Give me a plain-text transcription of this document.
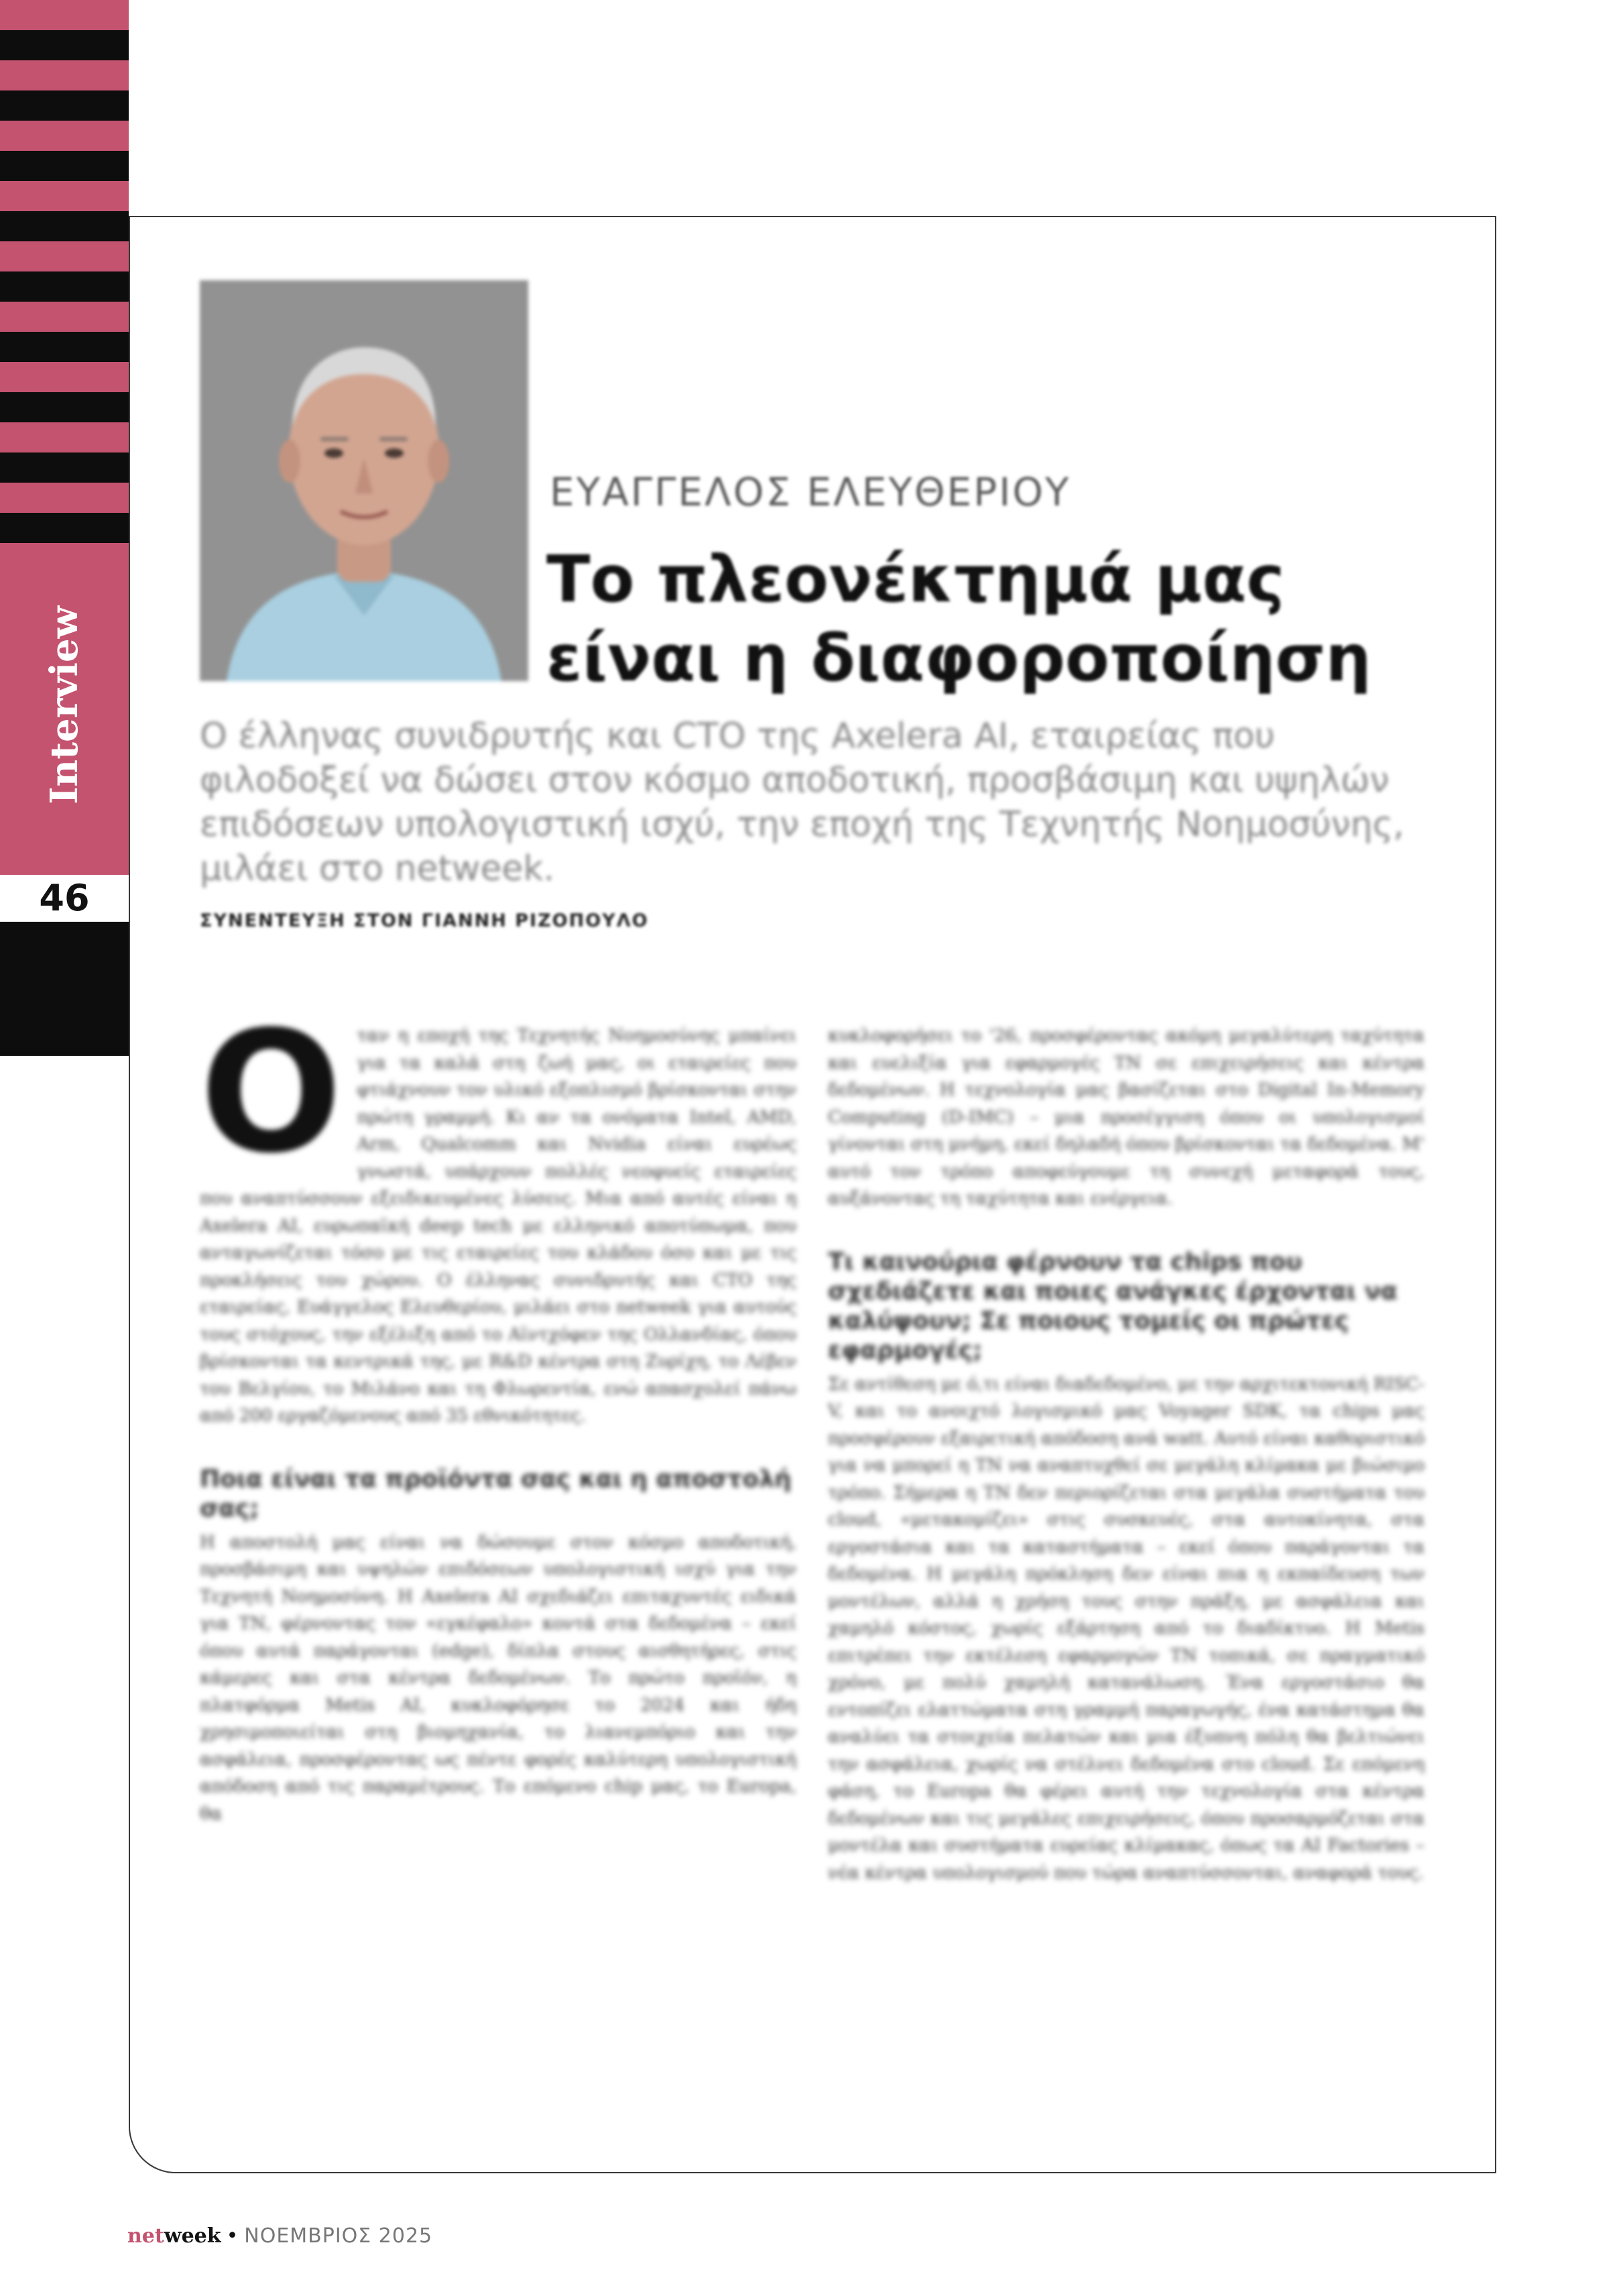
Interview
46
ΕΥΑΓΓΕΛΟΣ ΕΛΕΥΘΕΡΙΟΥ
Το πλεονέκτημά μας
είναι η διαφοροποίηση
Ο έλληνας συνιδρυτής και CTO της Axelera AI, εταιρείας που φιλοδοξεί να δώσει στον κόσμο αποδοτική, προσβάσιμη και υψηλών επιδόσεων υπολογιστική ισχύ, την εποχή της Τεχνητής Νοημοσύνης, μιλάει στο netweek.
ΣΥΝΕΝΤΕΥΞΗ ΣΤΟΝ ΓΙΑΝΝΗ ΡΙΖΟΠΟΥΛΟ
Ο ταν η εποχή της Τεχνητής Νοημοσύνης μπαίνει για τα καλά στη ζωή μας, οι εταιρείες που φτιάχνουν τον υλικό εξοπλισμό βρίσκονται στην πρώτη γραμμή. Κι αν τα ονόματα Intel, AMD, Arm, Qualcomm και Nvidia είναι ευρέως γνωστά, υπάρχουν πολλές νεοφυείς εταιρείες που αναπτύσσουν εξειδικευμένες λύσεις. Μια από αυτές είναι η Axelera AI, ευρωπαϊκή deep tech με ελληνικό αποτύπωμα, που ανταγωνίζεται τόσο με τις εταιρείες του κλάδου όσο και με τις προκλήσεις του χώρου. Ο έλληνας συνιδρυτής και CTO της εταιρείας, Ευάγγελος Ελευθερίου, μιλάει στο netweek για αυτούς τους στόχους, την εξέλιξη από το Αϊντχόφεν της Ολλανδίας, όπου βρίσκονται τα κεντρικά της, με R&D κέντρα στη Ζυρίχη, το Λέβεν του Βελγίου, το Μιλάνο και τη Φλωρεντία, ενώ απασχολεί πάνω από 200 εργαζόμενους από 35 εθνικότητες.

Ποια είναι τα προϊόντα σας και η αποστολή σας;

Η αποστολή μας είναι να δώσουμε στον κόσμο αποδοτική, προσβάσιμη και υψηλών επιδόσεων υπολογιστική ισχύ για την Τεχνητή Νοημοσύνη. Η Axelera AI σχεδιάζει επιταχυντές ειδικά για ΤΝ, φέρνοντας τον «εγκέφαλο» κοντά στα δεδομένα – εκεί όπου αυτά παράγονται (edge), δίπλα στους αισθητήρες, στις κάμερες και στα κέντρα δεδομένων. Το πρώτο προϊόν, η πλατφόρμα Metis AI, κυκλοφόρησε το 2024 και ήδη χρησιμοποιείται στη βιομηχανία, το λιανεμπόριο και την ασφάλεια, προσφέροντας ως πέντε φορές καλύτερη υπολογιστική απόδοση από τις παραμέτρους. Το επόμενο chip μας, το Europa, θα

κυκλοφορήσει το '26, προσφέροντας ακόμη μεγαλύτερη ταχύτητα και ευελιξία για εφαρμογές ΤΝ σε επιχειρήσεις και κέντρα δεδομένων. Η τεχνολογία μας βασίζεται στο Digital In-Memory Computing (D-IMC) – μια προσέγγιση όπου οι υπολογισμοί γίνονται στη μνήμη, εκεί δηλαδή όπου βρίσκονται τα δεδομένα. Μ' αυτό τον τρόπο αποφεύγουμε τη συνεχή μεταφορά τους, αυξάνοντας τη ταχύτητα και ενέργεια.

Τι καινούρια φέρνουν τα chips που σχεδιάζετε και ποιες ανάγκες έρχονται να καλύψουν; Σε ποιους τομείς οι πρώτες εφαρμογές;

Σε αντίθεση με ό,τι είναι διαδεδομένο, με την αρχιτεκτονική RISC-V, και το ανοιχτό λογισμικό μας Voyager SDK, τα chips μας προσφέρουν εξαιρετική απόδοση ανά watt. Αυτό είναι καθοριστικό για να μπορεί η ΤΝ να αναπτυχθεί σε μεγάλη κλίμακα με βιώσιμο τρόπο. Σήμερα η ΤΝ δεν περιορίζεται στα μεγάλα συστήματα του cloud, «μετακομίζει» στις συσκευές, στα αυτοκίνητα, στα εργοστάσια και τα καταστήματα – εκεί όπου παράγονται τα δεδομένα. Η μεγάλη πρόκληση δεν είναι πια η εκπαίδευση των μοντέλων, αλλά η χρήση τους στην πράξη, με ασφάλεια και χαμηλό κόστος, χωρίς εξάρτηση από το διαδίκτυο. Η Metis επιτρέπει την εκτέλεση εφαρμογών ΤΝ τοπικά, σε πραγματικό χρόνο, με πολύ χαμηλή κατανάλωση. Ένα εργοστάσιο θα εντοπίζει ελαττώματα στη γραμμή παραγωγής, ένα κατάστημα θα αναλύει τα στοιχεία πελατών και μια έξυπνη πόλη θα βελτιώνει την ασφάλεια, χωρίς να στέλνει δεδομένα στο cloud. Σε επόμενη φάση, το Europa θα φέρει αυτή την τεχνολογία στα κέντρα δεδομένων και τις μεγάλες επιχειρήσεις, όπου προσαρμόζεται στα μοντέλα και συστήματα ευρείας κλίμακας, όπως τα AI Factories – νέα κέντρα υπολογισμού που τώρα αναπτύσσονται, αναφορά τους.

netweek • ΝΟΕΜΒΡΙΟΣ 2025
